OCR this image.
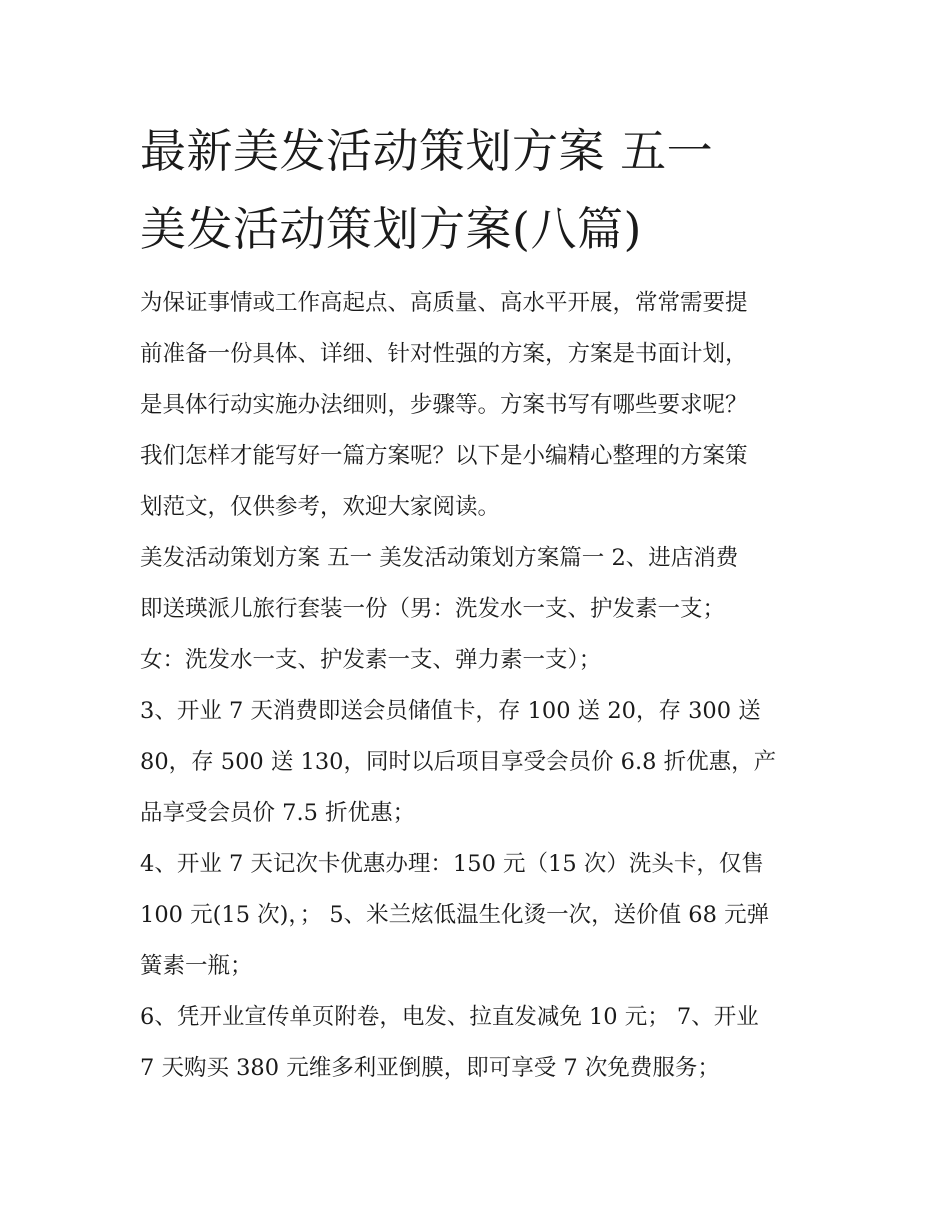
最新美发活动策划方案 五一
美发活动策划方案(八篇)
为保证事情或工作高起点、高质量、高水平开展，常常需要提
前准备一份具体、详细、针对性强的方案，方案是书面计划，
是具体行动实施办法细则，步骤等。方案书写有哪些要求呢？
我们怎样才能写好一篇方案呢？以下是小编精心整理的方案策
划范文，仅供参考，欢迎大家阅读。
美发活动策划方案 五一 美发活动策划方案篇一 2、进店消费
即送瑛派儿旅行套装一份（男：洗发水一支、护发素一支；
女：洗发水一支、护发素一支、弹力素一支）；
3、开业 7 天消费即送会员储值卡，存 100 送 20，存 300 送
80，存 500 送 130，同时以后项目享受会员价 6.8 折优惠，产
品享受会员价 7.5 折优惠；
4、开业 7 天记次卡优惠办理：150 元（15 次）洗头卡，仅售
100 元(15 次)，； 5、米兰炫低温生化烫一次，送价值 68 元弹
簧素一瓶；
6、凭开业宣传单页附卷，电发、拉直发减免 10 元； 7、开业
7 天购买 380 元维多利亚倒膜，即可享受 7 次免费服务；
